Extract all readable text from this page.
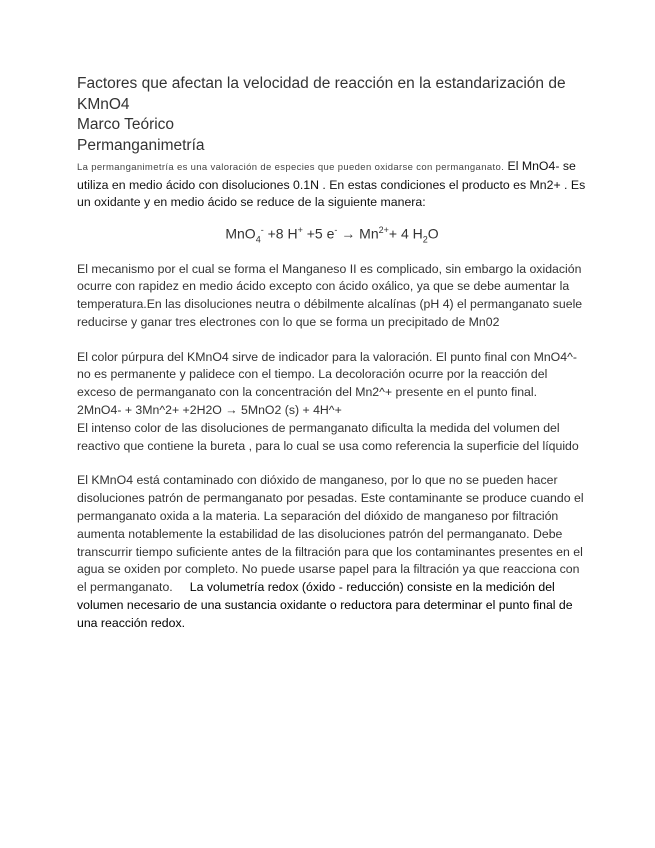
Factores que afectan la velocidad de reacción en la estandarización de KMnO4

Marco Teórico

Permanganimetría

La permanganimetría es una valoración de especies que pueden oxidarse con permanganato. El MnO4- se utiliza en medio ácido con disoluciones 0.1N . En estas condiciones el producto es Mn2+ . Es un oxidante y en medio ácido se reduce de la siguiente manera:

MnO$_4$- +8 H+ +5 $e^- \to Mn^{2+}+ 4$ $H_2O$

El mecanismo por el cual se forma el Manganeso II es complicado, sin embargo la oxidación ocurre con rapidez en medio ácido excepto con ácido oxálico, ya que se debe aumentar la temperatura.En las disoluciones neutra o débilmente alcalínas (pH 4) el permanganato suele reducirse y ganar tres electrones con lo que se forma un precipitado de Mn02

El color púrpura del KMnO4 sirve de indicador para la valoración. El punto final con MnO4^- no es permanente y palidece con el tiempo. La decoloración ocurre por la reacción del exceso de permanganato con la concentración del Mn2^+ presente en el punto final.

2MnO4- + 3Mn^2+ +2H2O → 5MnO2 (s) + 4H^+

El intenso color de las disoluciones de permanganato dificulta la medida del volumen del reactivo que contiene la bureta , para lo cual se usa como referencia la superficie del líquido

El KMnO4 está contaminado con dióxido de manganeso, por lo que no se pueden hacer disoluciones patrón de permanganato por pesadas. Este contaminante se produce cuando el permanganato oxida a la materia. La separación del dióxido de manganeso por filtración aumenta notablemente la estabilidad de las disoluciones patrón del permanganato. Debe transcurrir tiempo suficiente antes de la filtración para que los contaminantes presentes en el agua se oxiden por completo. No puede usarse papel para la filtración ya que reacciona con el permanganato.     La volumetría redox (óxido - reducción) consiste en la medición del volumen necesario de una sustancia oxidante o reductora para determinar el punto final de una reacción redox.
